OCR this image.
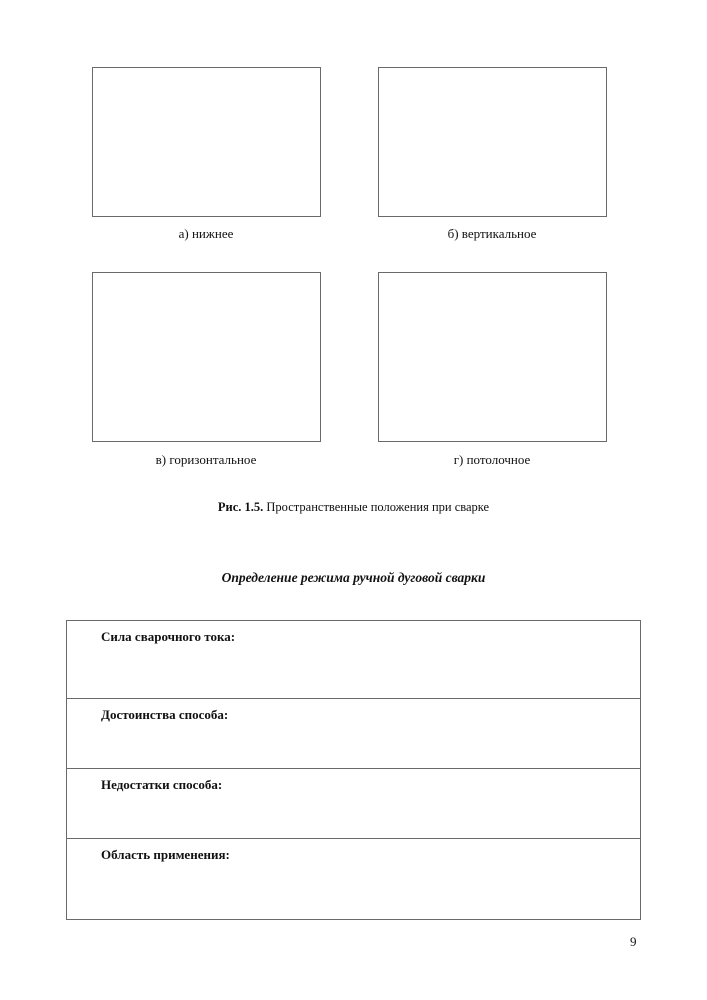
а) нижнее	б) вертикальное
в) горизонтальное	г) потолочное
Рис. 1.5. Пространственные положения при сварке
Определение режима ручной дуговой сварки
Сила сварочного тока:
Достоинства способа:
Недостатки способа:
Область применения:
9
